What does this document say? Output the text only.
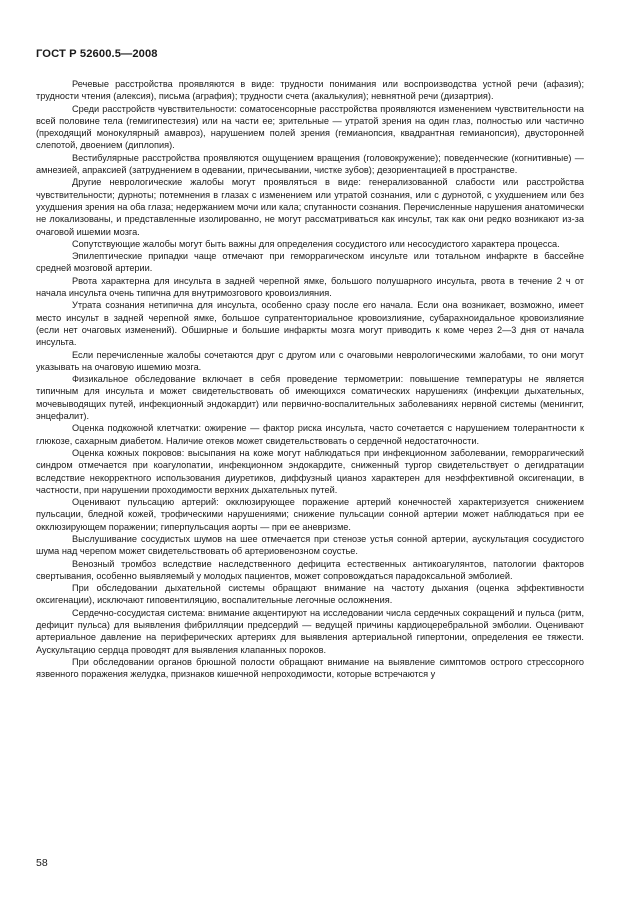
ГОСТ Р 52600.5—2008

Речевые расстройства проявляются в виде: трудности понимания или воспроизводства устной речи (афазия); трудности чтения (алексия), письма (аграфия); трудности счета (акалькулия); невнятной речи (дизартрия).

Среди расстройств чувствительности: соматосенсорные расстройства проявляются изменением чувствительности на всей половине тела (гемигипестезия) или на части ее; зрительные — утратой зрения на один глаз, полностью или частично (преходящий монокулярный амавроз), нарушением полей зрения (гемианопсия, квадрантная гемианопсия), двусторонней слепотой, двоением (диплопия).

Вестибулярные расстройства проявляются ощущением вращения (головокружение); поведенческие (когнитивные) — амнезией, апраксией (затруднением в одевании, причесывании, чистке зубов); дезориентацией в пространстве.

Другие неврологические жалобы могут проявляться в виде: генерализованной слабости или расстройства чувствительности; дурноты; потемнения в глазах с изменением или утратой сознания, или с дурнотой, с ухудшением или без ухудшения зрения на оба глаза; недержанием мочи или кала; спутанности сознания. Перечисленные нарушения анатомически не локализованы, и представленные изолированно, не могут рассматриваться как инсульт, так как они редко возникают из-за очаговой ишемии мозга.

Сопутствующие жалобы могут быть важны для определения сосудистого или несосудистого характера процесса.

Эпилептические припадки чаще отмечают при геморрагическом инсульте или тотальном инфаркте в бассейне средней мозговой артерии.

Рвота характерна для инсульта в задней черепной ямке, большого полушарного инсульта, рвота в течение 2 ч от начала инсульта очень типична для внутримозгового кровоизлияния.

Утрата сознания нетипична для инсульта, особенно сразу после его начала. Если она возникает, возможно, имеет место инсульт в задней черепной ямке, большое супратенториальное кровоизлияние, субарахноидальное кровоизлияние (если нет очаговых изменений). Обширные и большие инфаркты мозга могут приводить к коме через 2—3 дня от начала инсульта.

Если перечисленные жалобы сочетаются друг с другом или с очаговыми неврологическими жалобами, то они могут указывать на очаговую ишемию мозга.

Физикальное обследование включает в себя проведение термометрии: повышение температуры не является типичным для инсульта и может свидетельствовать об имеющихся соматических нарушениях (инфекции дыхательных, мочевыводящих путей, инфекционный эндокардит) или первично-воспалительных заболеваниях нервной системы (менингит, энцефалит).

Оценка подкожной клетчатки: ожирение — фактор риска инсульта, часто сочетается с нарушением толерантности к глюкозе, сахарным диабетом. Наличие отеков может свидетельствовать о сердечной недостаточности.

Оценка кожных покровов: высыпания на коже могут наблюдаться при инфекционном заболевании, геморрагический синдром отмечается при коагулопатии, инфекционном эндокардите, сниженный тургор свидетельствует о дегидратации вследствие некорректного использования диуретиков, диффузный цианоз характерен для неэффективной оксигенации, в частности, при нарушении проходимости верхних дыхательных путей.

Оценивают пульсацию артерий: окклюзирующее поражение артерий конечностей характеризуется снижением пульсации, бледной кожей, трофическими нарушениями; снижение пульсации сонной артерии может наблюдаться при ее окклюзирующем поражении; гиперпульсация аорты — при ее аневризме.

Выслушивание сосудистых шумов на шее отмечается при стенозе устья сонной артерии, аускультация сосудистого шума над черепом может свидетельствовать об артериовенозном соустье.

Венозный тромбоз вследствие наследственного дефицита естественных антикоагулянтов, патологии факторов свертывания, особенно выявляемый у молодых пациентов, может сопровождаться парадоксальной эмболией.

При обследовании дыхательной системы обращают внимание на частоту дыхания (оценка эффективности оксигенации), исключают гиповентиляцию, воспалительные легочные осложнения.

Сердечно-сосудистая система: внимание акцентируют на исследовании числа сердечных сокращений и пульса (ритм, дефицит пульса) для выявления фибрилляции предсердий — ведущей причины кардиоцеребральной эмболии. Оценивают артериальное давление на периферических артериях для выявления артериальной гипертонии, определения ее тяжести. Аускультацию сердца проводят для выявления клапанных пороков.

При обследовании органов брюшной полости обращают внимание на выявление симптомов острого стрессорного язвенного поражения желудка, признаков кишечной непроходимости, которые встречаются у

58
